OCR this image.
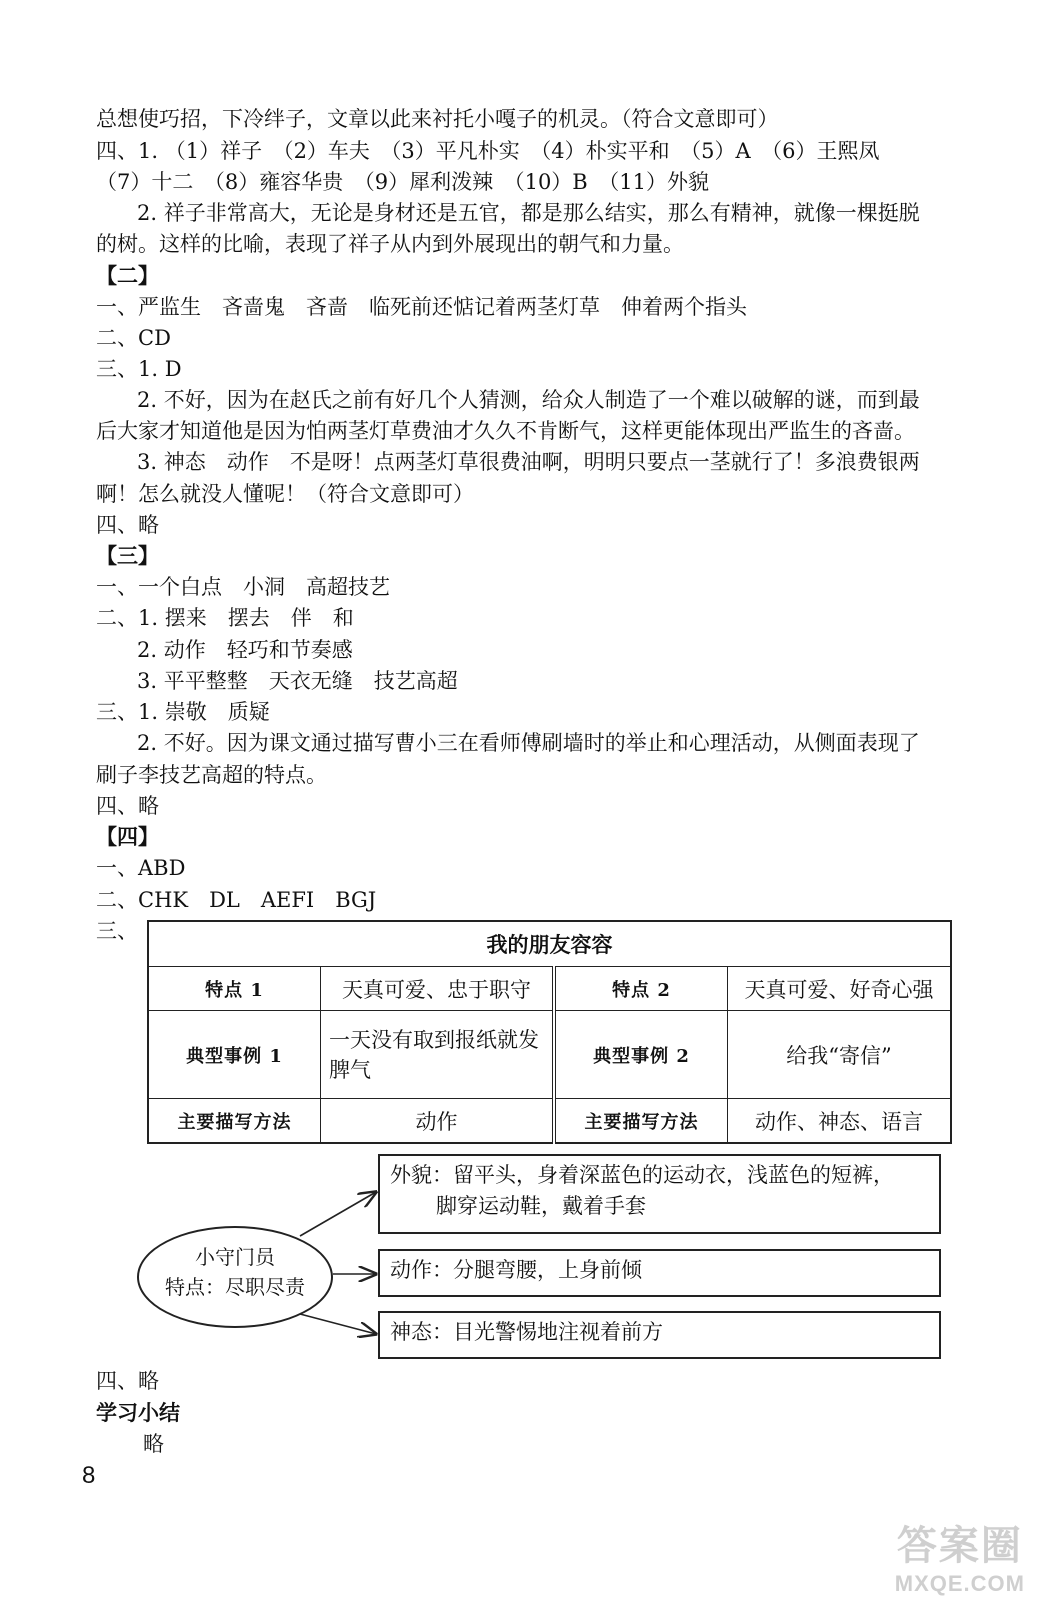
总想使巧招，下冷绊子，文章以此来衬托小嘎子的机灵。（符合文意即可）
四、1. （1）祥子　（2）车夫　（3）平凡朴实　（4）朴实平和　（5）A　（6）王熙凤
（7）十二　（8）雍容华贵　（9）犀利泼辣　（10）B　（11）外貌
2. 祥子非常高大，无论是身材还是五官，都是那么结实，那么有精神，就像一棵挺脱
的树。这样的比喻，表现了祥子从内到外展现出的朝气和力量。
【二】
一、严监生　吝啬鬼　吝啬　临死前还惦记着两茎灯草　伸着两个指头
二、CD
三、1. D
2. 不好，因为在赵氏之前有好几个人猜测，给众人制造了一个难以破解的谜，而到最
后大家才知道他是因为怕两茎灯草费油才久久不肯断气，这样更能体现出严监生的吝啬。
3. 神态　动作　不是呀！点两茎灯草很费油啊，明明只要点一茎就行了！多浪费银两
啊！怎么就没人懂呢！（符合文意即可）
四、略
【三】
一、一个白点　小洞　高超技艺
二、1. 摆来　摆去　伴　和
2. 动作　轻巧和节奏感
3. 平平整整　天衣无缝　技艺高超
三、1. 崇敬　质疑
2. 不好。因为课文通过描写曹小三在看师傅刷墙时的举止和心理活动，从侧面表现了
刷子李技艺高超的特点。
四、略
【四】
一、ABD
二、CHK　DL　AEFI　BGJ
三、
我的朋友容容			
特点 1	天真可爱、忠于职守	特点 2	天真可爱、好奇心强
典型事例 1	一天没有取到报纸就发脾气	典型事例 2	给我“寄信”
主要描写方法	动作	主要描写方法	动作、神态、语言
小守门员
特点：尽职尽责
外貌：留平头，身着深蓝色的运动衣，浅蓝色的短裤，
脚穿运动鞋，戴着手套
动作：分腿弯腰，上身前倾
神态：目光警惕地注视着前方
四、略
学习小结
略
8
答案圈
MXQE.COM
